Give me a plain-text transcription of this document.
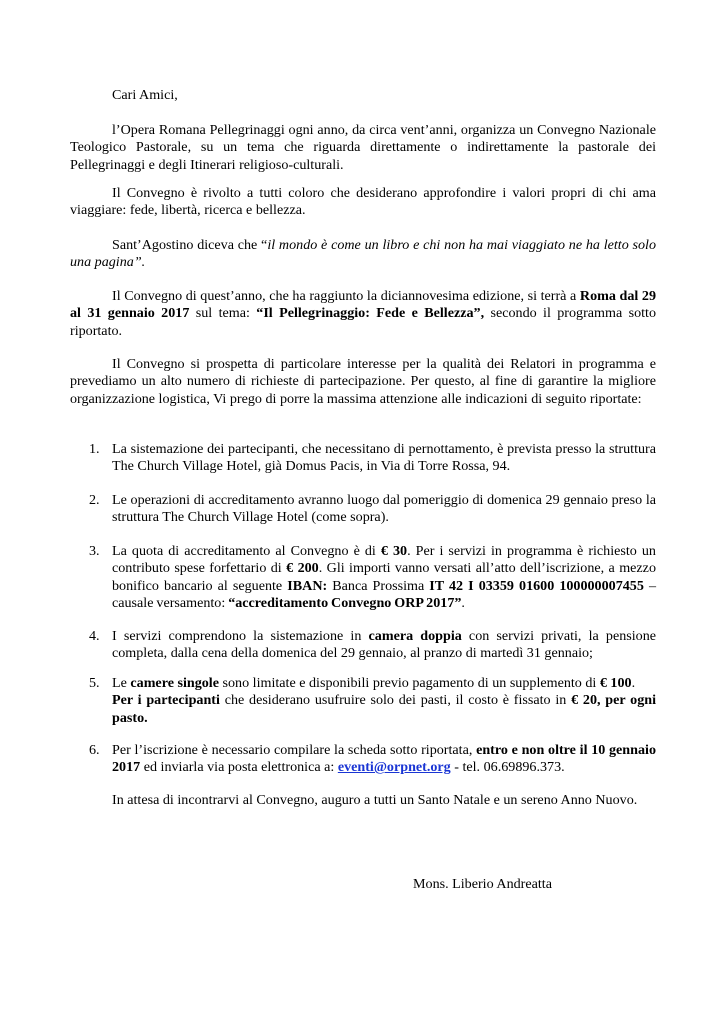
Cari Amici,

l’Opera Romana Pellegrinaggi ogni anno, da circa vent’anni, organizza un Convegno Nazionale Teologico Pastorale, su un tema che riguarda direttamente o indirettamente la pastorale dei Pellegrinaggi e degli Itinerari religioso-culturali.

Il Convegno è rivolto a tutti coloro che desiderano approfondire i valori propri di chi ama viaggiare: fede, libertà, ricerca e bellezza.

Sant’Agostino diceva che “il mondo è come un libro e chi non ha mai viaggiato ne ha letto solo una pagina”.

Il Convegno di quest’anno, che ha raggiunto la diciannovesima edizione, si terrà a Roma dal 29 al 31 gennaio 2017 sul tema: “Il Pellegrinaggio: Fede e Bellezza”, secondo il programma sotto riportato.

Il Convegno si prospetta di particolare interesse per la qualità dei Relatori in programma e prevediamo un alto numero di richieste di partecipazione. Per questo, al fine di garantire la migliore organizzazione logistica, Vi prego di porre la massima attenzione alle indicazioni di seguito riportate:

1. La sistemazione dei partecipanti, che necessitano di pernottamento, è prevista presso la struttura The Church Village Hotel, già Domus Pacis, in Via di Torre Rossa, 94.
2. Le operazioni di accreditamento avranno luogo dal pomeriggio di domenica 29 gennaio preso la struttura The Church Village Hotel (come sopra).
3. La quota di accreditamento al Convegno è di € 30. Per i servizi in programma è richiesto un contributo spese forfettario di € 200. Gli importi vanno versati all’atto dell’iscrizione, a mezzo bonifico bancario al seguente IBAN: Banca Prossima IT 42 I 03359 01600 100000007455 – causale versamento: “accreditamento Convegno ORP 2017”.
4. I servizi comprendono la sistemazione in camera doppia con servizi privati, la pensione completa, dalla cena della domenica del 29 gennaio, al pranzo di martedì 31 gennaio;
5. Le camere singole sono limitate e disponibili previo pagamento di un supplemento di € 100.
Per i partecipanti che desiderano usufruire solo dei pasti, il costo è fissato in € 20, per ogni pasto.
6. Per l’iscrizione è necessario compilare la scheda sotto riportata, entro e non oltre il 10 gennaio 2017 ed inviarla via posta elettronica a: eventi@orpnet.org - tel. 06.69896.373.

In attesa di incontrarvi al Convegno, auguro a tutti un Santo Natale e un sereno Anno Nuovo.

Mons. Liberio Andreatta
